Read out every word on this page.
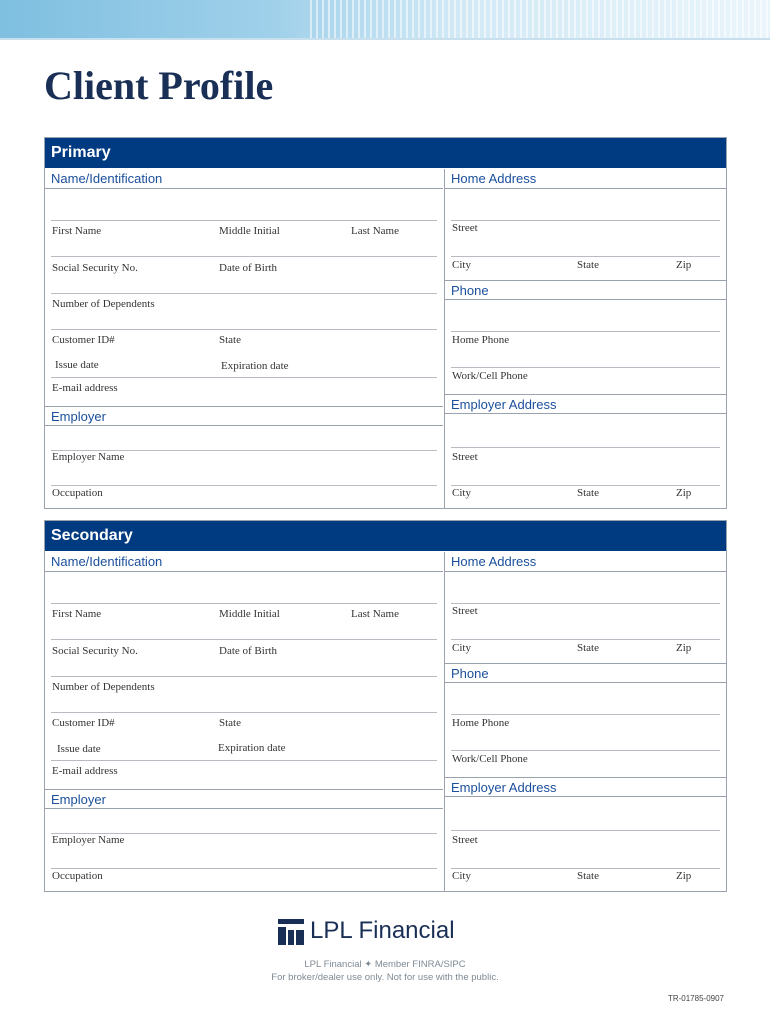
Client Profile
Primary
Name/Identification
First Name	Middle Initial	Last Name
Social Security No.	Date of Birth
Number of Dependents
Customer ID#	State
Issue date	Expiration date
E-mail address
Employer
Employer Name
Occupation
Home Address
Street
City	State	Zip
Phone
Home Phone
Work/Cell Phone
Employer Address
Street
City	State	Zip
Secondary
Name/Identification
First Name	Middle Initial	Last Name
Social Security No.	Date of Birth
Number of Dependents
Customer ID#	State
Issue date	Expiration date
E-mail address
Employer
Employer Name
Occupation
Home Address
Street
City	State	Zip
Phone
Home Phone
Work/Cell Phone
Employer Address
Street
City	State	Zip
LPL Financial
LPL Financial ✦ Member FINRA/SIPC
For broker/dealer use only. Not for use with the public.
TR-01785-0907
